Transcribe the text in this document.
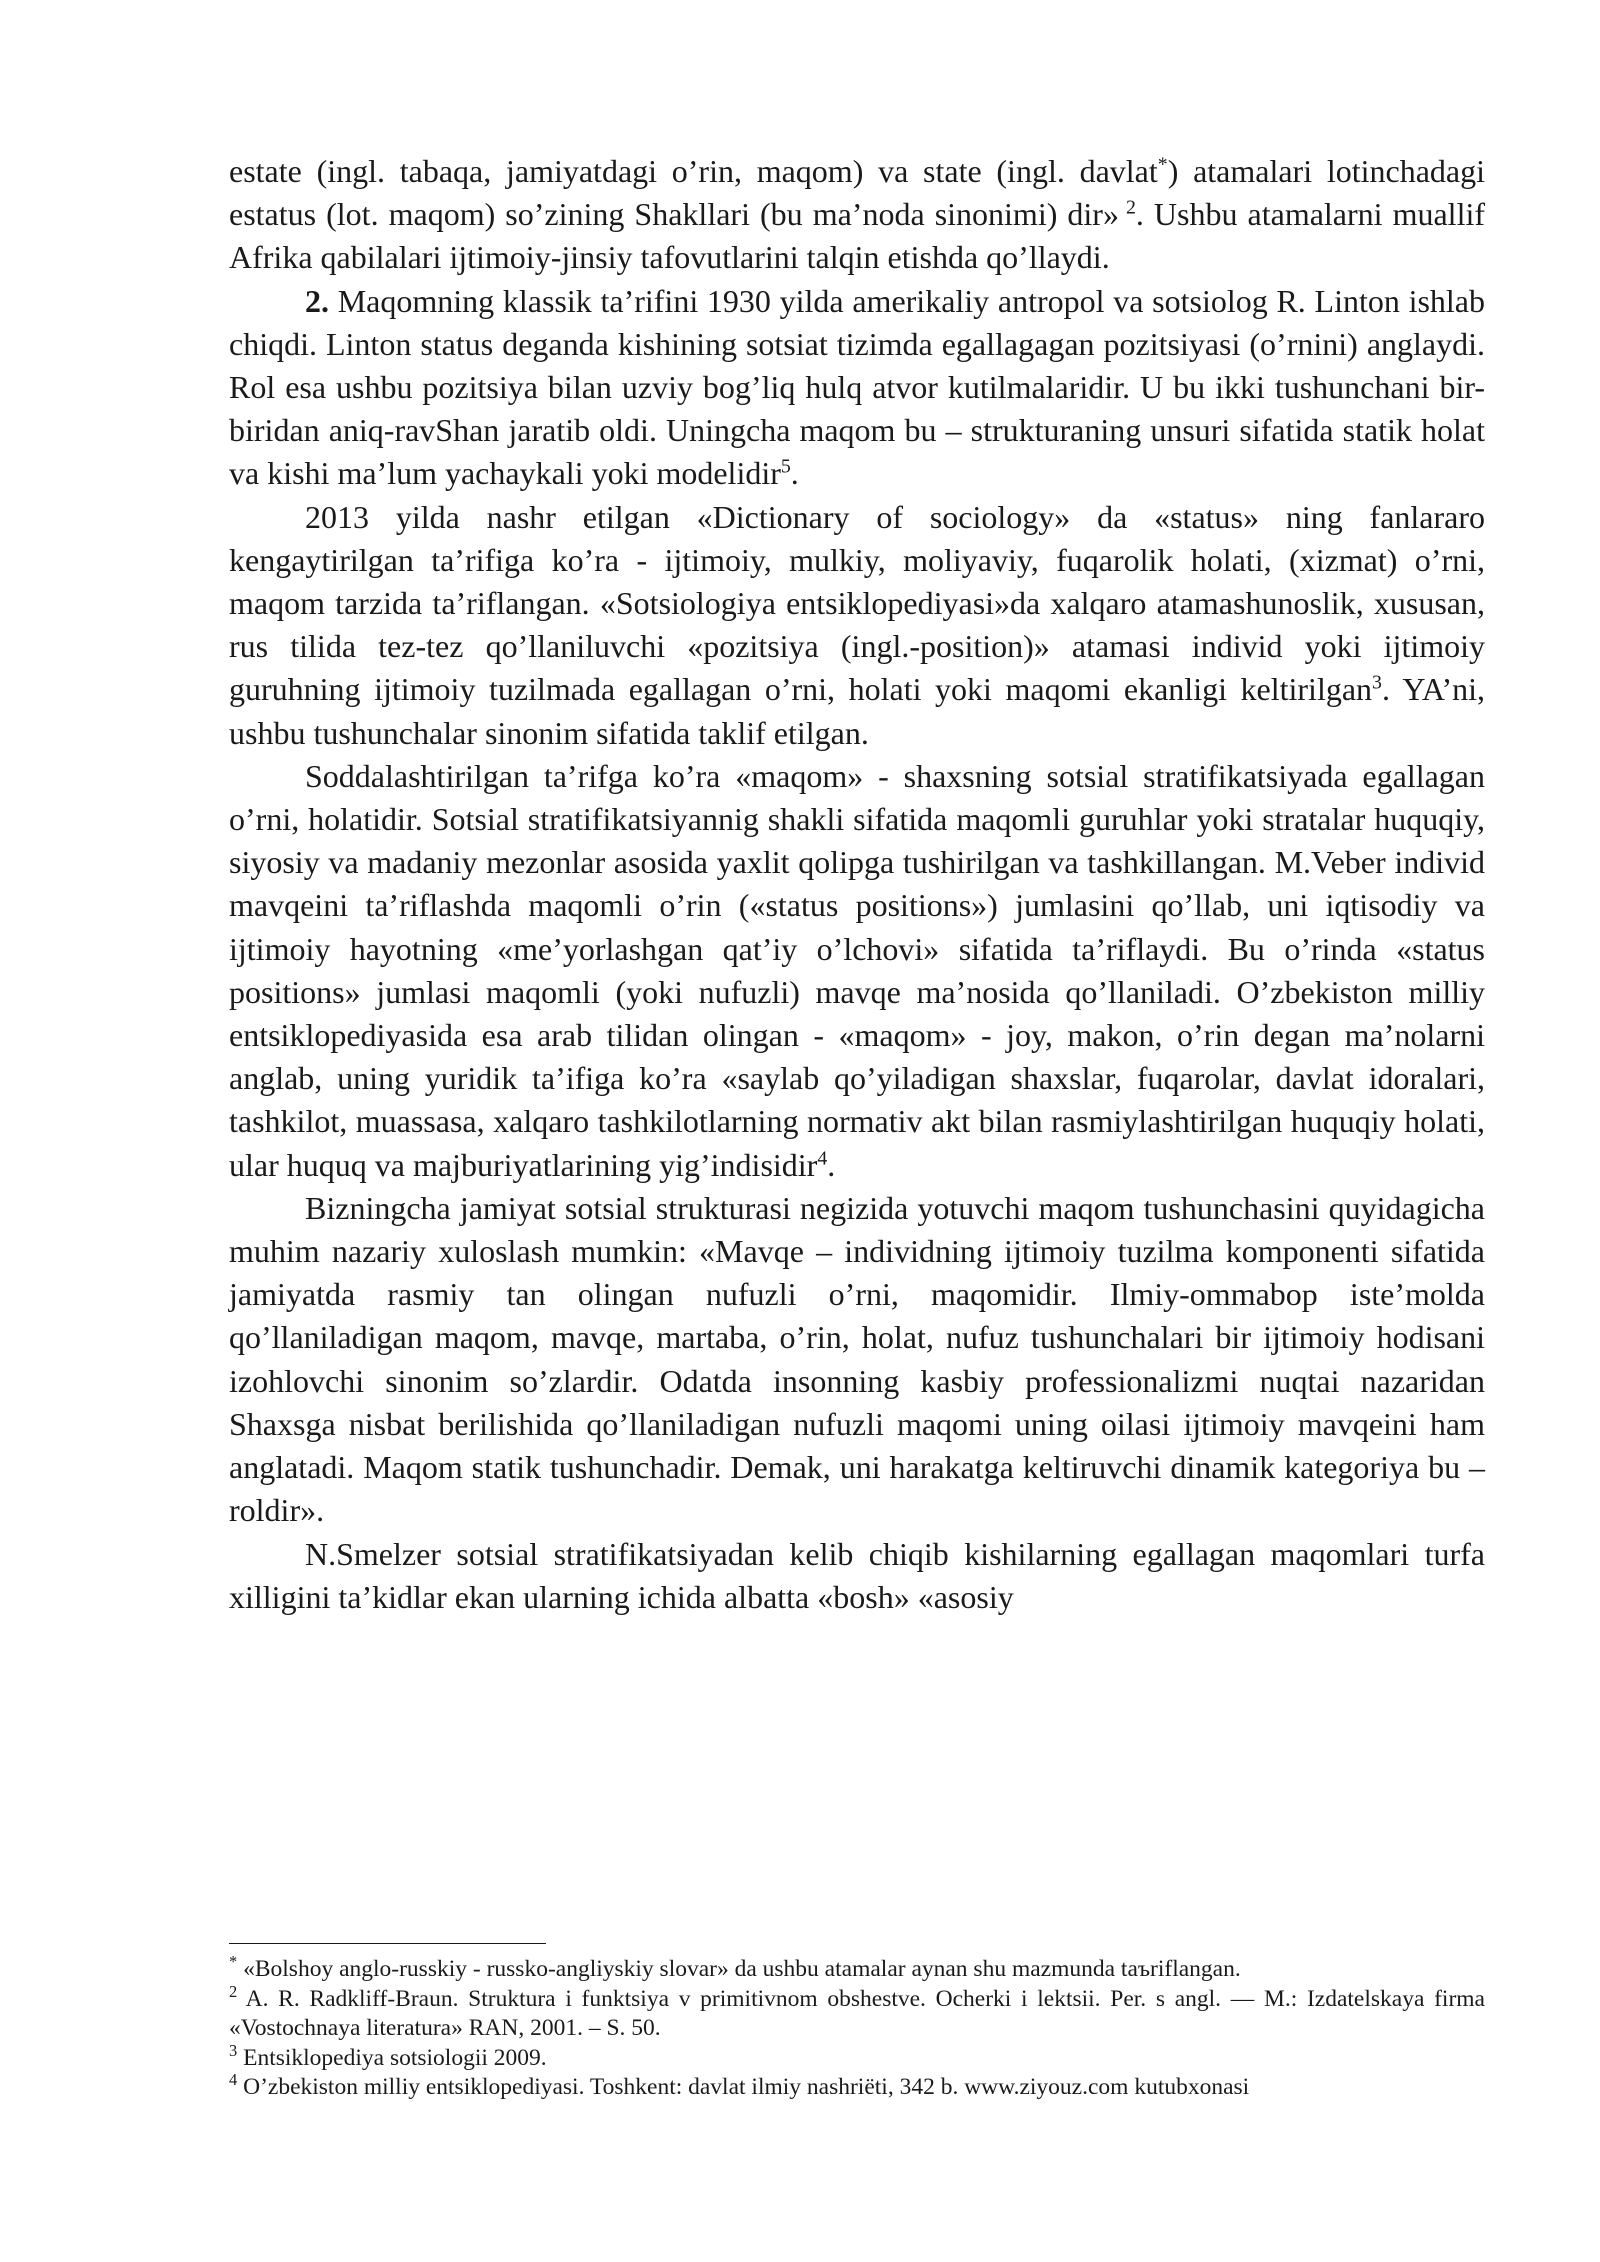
estate (ingl. tabaqa, jamiyatdagi o’rin, maqom) va state (ingl. davlat*) atamalari lotinchadagi estatus (lot. maqom) so’zining Shakllari (bu ma’noda sinonimi) dir» $^2$. Ushbu atamalarni muallif Afrika qabilalari ijtimoiy-jinsiy tafovutlarini talqin etishda qo’llaydi.

2. Maqomning klassik ta’rifini 1930 yilda amerikaliy antropol va sotsiolog R. Linton ishlab chiqdi. Linton status deganda kishining sotsiat tizimda egallagagan pozitsiyasi (o’rnini) anglaydi. Rol esa ushbu pozitsiya bilan uzviy bog’liq hulq atvor kutilmalaridir. U bu ikki tushunchani bir-biridan aniq-ravShan jaratib oldi. Uningcha maqom bu – strukturaning unsuri sifatida statik holat va kishi ma’lum yachaykali yoki modelidir$^5$.

2013 yilda nashr etilgan «Dictionary of sociology» da «status» ning fanlararo kengaytirilgan ta’rifiga ko’ra - ijtimoiy, mulkiy, moliyaviy, fuqarolik holati, (xizmat) o’rni, maqom tarzida ta’riflangan. «Sotsiologiya entsiklopediyasi»da xalqaro atamashunoslik, xususan, rus tilida tez-tez qo’llaniluvchi «pozitsiya (ingl.-position)» atamasi individ yoki ijtimoiy guruhning ijtimoiy tuzilmada egallagan o’rni, holati yoki maqomi ekanligi keltirilgan$^3$. YA’ni, ushbu tushunchalar sinonim sifatida taklif etilgan.

Soddalashtirilgan ta’rifga ko’ra «maqom» - shaxsning sotsial stratifikatsiyada egallagan o’rni, holatidir. Sotsial stratifikatsiyannig shakli sifatida maqomli guruhlar yoki stratalar huquqiy, siyosiy va madaniy mezonlar asosida yaxlit qolipga tushirilgan va tashkillangan. M.Veber individ mavqeini ta’riflashda maqomli o’rin («status positions») jumlasini qo’llab, uni iqtisodiy va ijtimoiy hayotning «me’yorlashgan qat’iy o’lchovi» sifatida ta’riflaydi. Bu o’rinda «status positions» jumlasi maqomli (yoki nufuzli) mavqe ma’nosida qo’llaniladi. O’zbekiston milliy entsiklopediyasida esa arab tilidan olingan - «maqom» - joy, makon, o’rin degan ma’nolarni anglab, uning yuridik ta’ifiga ko’ra «saylab qo’yiladigan shaxslar, fuqarolar, davlat idoralari, tashkilot, muassasa, xalqaro tashkilotlarning normativ akt bilan rasmiylashtirilgan huquqiy holati, ular huquq va majburiyatlarining yig’indisidir$^4$.

Bizningcha jamiyat sotsial strukturasi negizida yotuvchi maqom tushunchasini quyidagicha muhim nazariy xuloslash mumkin: «Mavqe – individning ijtimoiy tuzilma komponenti sifatida jamiyatda rasmiy tan olingan nufuzli o’rni, maqomidir. Ilmiy-ommabop iste’molda qo’llaniladigan maqom, mavqe, martaba, o’rin, holat, nufuz tushunchalari bir ijtimoiy hodisani izohlovchi sinonim so’zlardir. Odatda insonning kasbiy professionalizmi nuqtai nazaridan Shaxsga nisbat berilishida qo’llaniladigan nufuzli maqomi uning oilasi ijtimoiy mavqeini ham anglatadi. Maqom statik tushunchadir. Demak, uni harakatga keltiruvchi dinamik kategoriya bu – roldir».

N.Smelzer sotsial stratifikatsiyadan kelib chiqib kishilarning egallagan maqomlari turfa xilligini ta’kidlar ekan ularning ichida albatta «bosh» «asosiy

* «Bolshoy anglo-russkiy - russko-angliyskiy slovar» da ushbu atamalar aynan shu mazmunda taъriflangan.

$^2$ A. R. Radkliff-Braun. Struktura i funktsiya v primitivnom obshestve. Ocherki i lektsii. Per. s angl. — M.: Izdatelskaya firma «Vostochnaya literatura» RAN, 2001. – S. 50.

$^3$ Entsiklopediya sotsiologii 2009.

$^4$ O’zbekiston milliy entsiklopediyasi. Toshkent: davlat ilmiy nashriёti, 342 b. www.ziyouz.com kutubxonasi
